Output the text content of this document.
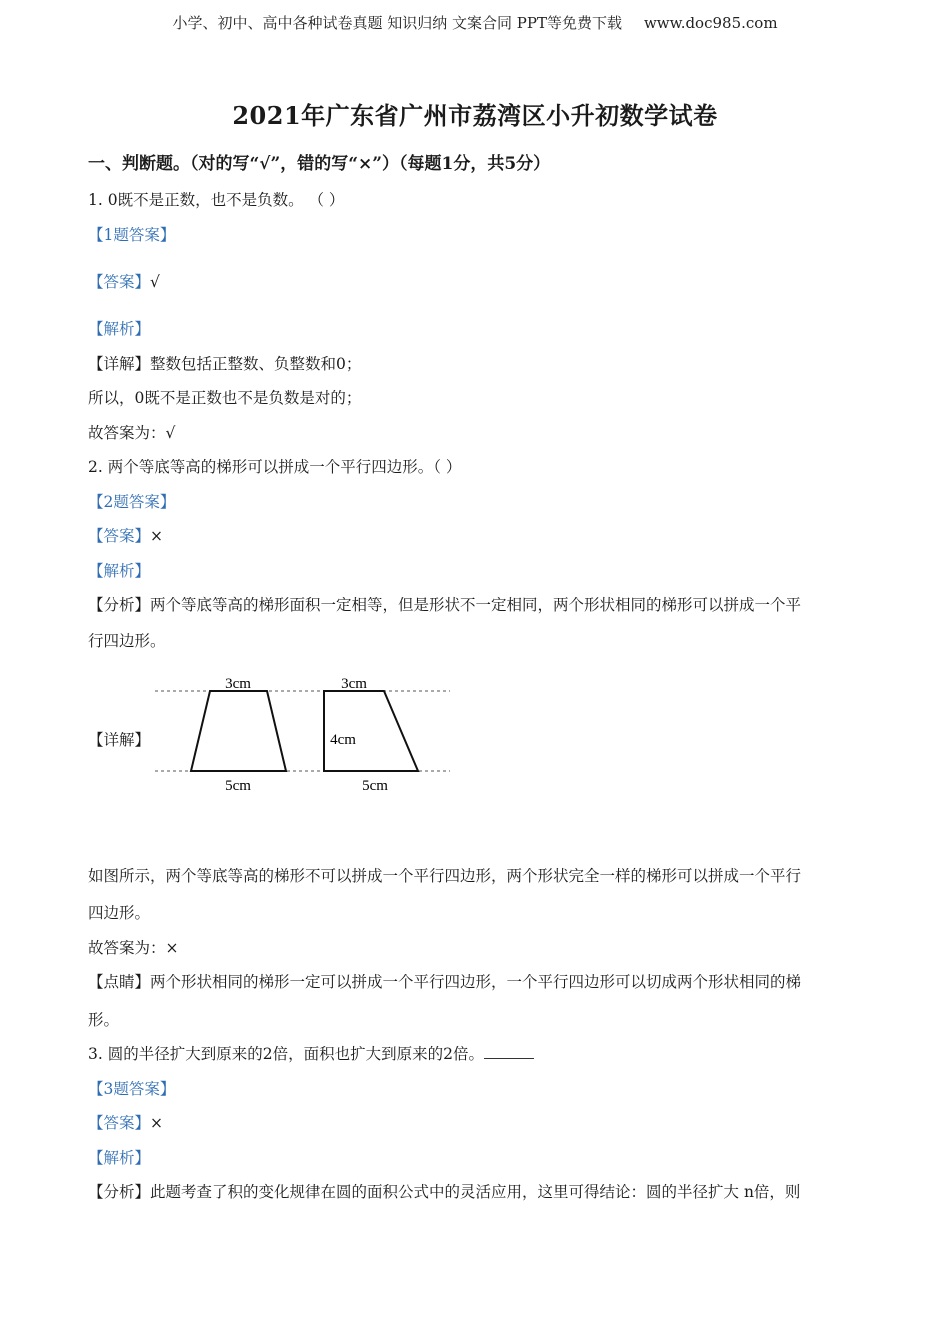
小学、初中、高中各种试卷真题 知识归纳 文案合同 PPT等免费下载 www.doc985.com
2021年广东省广州市荔湾区小升初数学试卷
一、判断题。（对的写“√”，错的写“×”）（每题1分，共5分）
1. 0既不是正数，也不是负数。 （ ）
【1题答案】
【答案】√
【解析】
【详解】整数包括正整数、负整数和0；
所以，0既不是正数也不是负数是对的；
故答案为：√
2. 两个等底等高的梯形可以拼成一个平行四边形。（ ）
【2题答案】
【答案】×
【解析】
【分析】两个等底等高的梯形面积一定相等，但是形状不一定相同，两个形状相同的梯形可以拼成一个平
行四边形。
【详解】
3cm
5cm
3cm
4cm
5cm
如图所示，两个等底等高的梯形不可以拼成一个平行四边形，两个形状完全一样的梯形可以拼成一个平行
四边形。
故答案为：×
【点睛】两个形状相同的梯形一定可以拼成一个平行四边形，一个平行四边形可以切成两个形状相同的梯
形。
3. 圆的半径扩大到原来的2倍，面积也扩大到原来的2倍。
【3题答案】
【答案】×
【解析】
【分析】此题考查了积的变化规律在圆的面积公式中的灵活应用，这里可得结论：圆的半径扩大 n倍，则
